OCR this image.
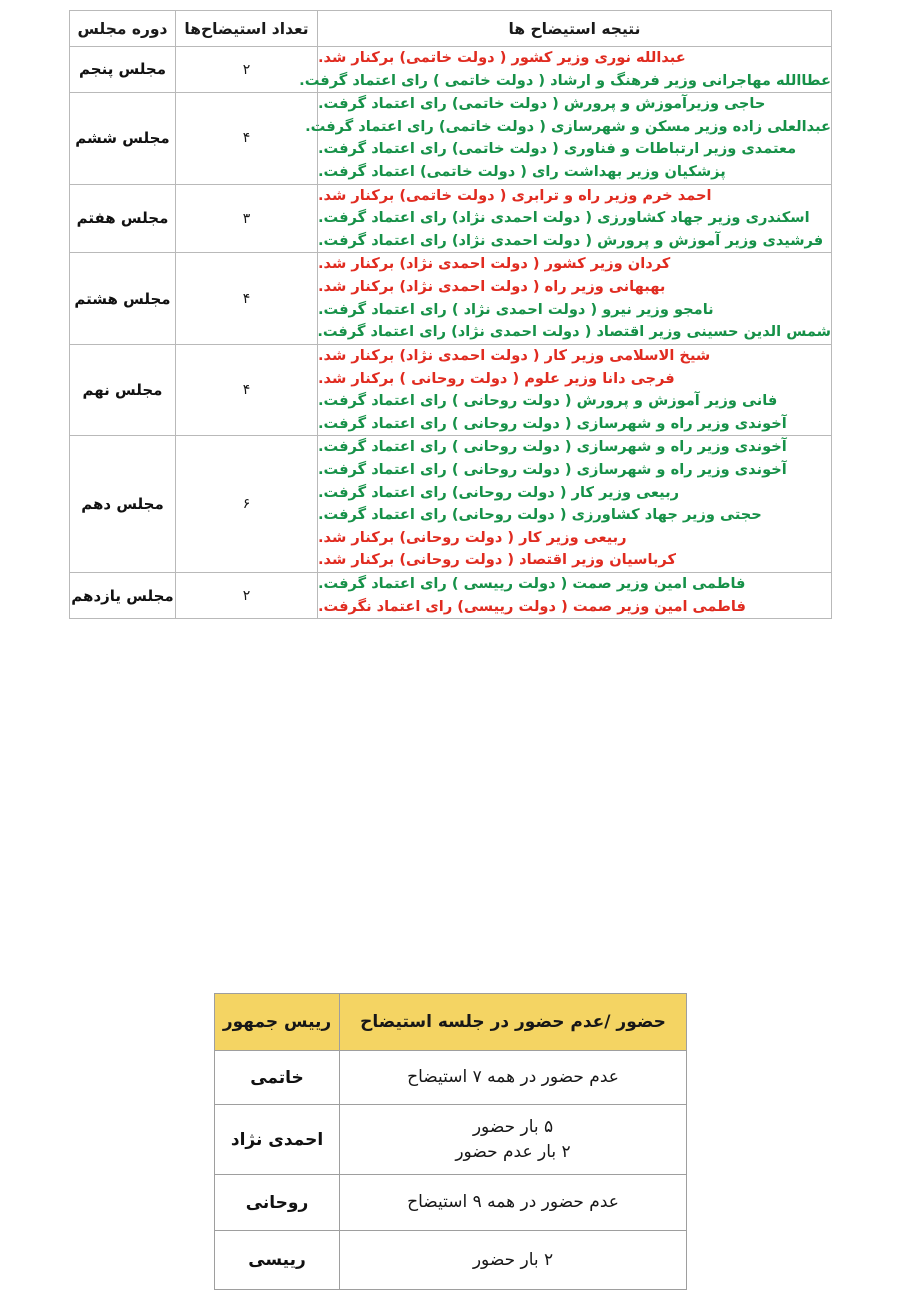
نتیجه استیضاح ها	تعداد استیضاح‌ها	دوره مجلس

عبدالله نوری وزیر کشور ( دولت خاتمی) برکنار شد.
عطاالله مهاجرانی وزیر فرهنگ و ارشاد ( دولت خاتمی ) رای اعتماد گرفت.	۲	مجلس پنجم

حاجی وزیرآموزش و پرورش ( دولت خاتمی) رای اعتماد گرفت.
عبدالعلی زاده وزیر مسکن و شهرسازی ( دولت خاتمی) رای اعتماد گرفت.
معتمدی وزیر ارتباطات و فناوری ( دولت خاتمی) رای اعتماد گرفت.
پزشکیان وزیر بهداشت رای ( دولت خاتمی) اعتماد گرفت.	۴	مجلس ششم

احمد خرم وزیر راه و ترابری ( دولت خاتمی) برکنار شد.
اسکندری وزیر جهاد کشاورزی ( دولت احمدی نژاد) رای اعتماد گرفت.
فرشیدی وزیر آموزش و پرورش ( دولت احمدی نژاد) رای اعتماد گرفت.	۳	مجلس هفتم

کردان وزیر کشور ( دولت احمدی نژاد) برکنار شد.
بهبهانی وزیر راه ( دولت احمدی نژاد) برکنار شد.
نامجو وزیر نیرو ( دولت احمدی نژاد ) رای اعتماد گرفت.
شمس الدین حسینی وزیر اقتصاد ( دولت احمدی نژاد) رای اعتماد گرفت.	۴	مجلس هشتم

شیخ الاسلامی وزیر کار ( دولت احمدی نژاد) برکنار شد.
فرجی دانا وزیر علوم ( دولت روحانی ) برکنار شد.
فانی وزیر آموزش و پرورش ( دولت روحانی ) رای اعتماد گرفت.
آخوندی وزیر راه و شهرسازی ( دولت روحانی ) رای اعتماد گرفت.	۴	مجلس نهم

آخوندی وزیر راه و شهرسازی ( دولت روحانی ) رای اعتماد گرفت.
آخوندی وزیر راه و شهرسازی ( دولت روحانی ) رای اعتماد گرفت.
ربیعی وزیر کار ( دولت روحانی) رای اعتماد گرفت.
حجتی وزیر جهاد کشاورزی ( دولت روحانی) رای اعتماد گرفت.
ربیعی وزیر کار ( دولت روحانی) برکنار شد.
کرباسیان وزیر اقتصاد ( دولت روحانی) برکنار شد.
	۶	مجلس دهم

فاطمی امین وزیر صمت ( دولت رییسی ) رای اعتماد گرفت.
فاطمی امین وزیر صمت ( دولت رییسی) رای اعتماد نگرفت.	۲	مجلس یازدهم
حضور /عدم حضور در جلسه استیضاح	رییس جمهور

عدم حضور در همه ۷ استیضاح	خاتمی

۵ بار حضور
۲ بار عدم حضور	احمدی نژاد

عدم حضور در همه ۹ استیضاح	روحانی

۲ بار حضور	رییسی
